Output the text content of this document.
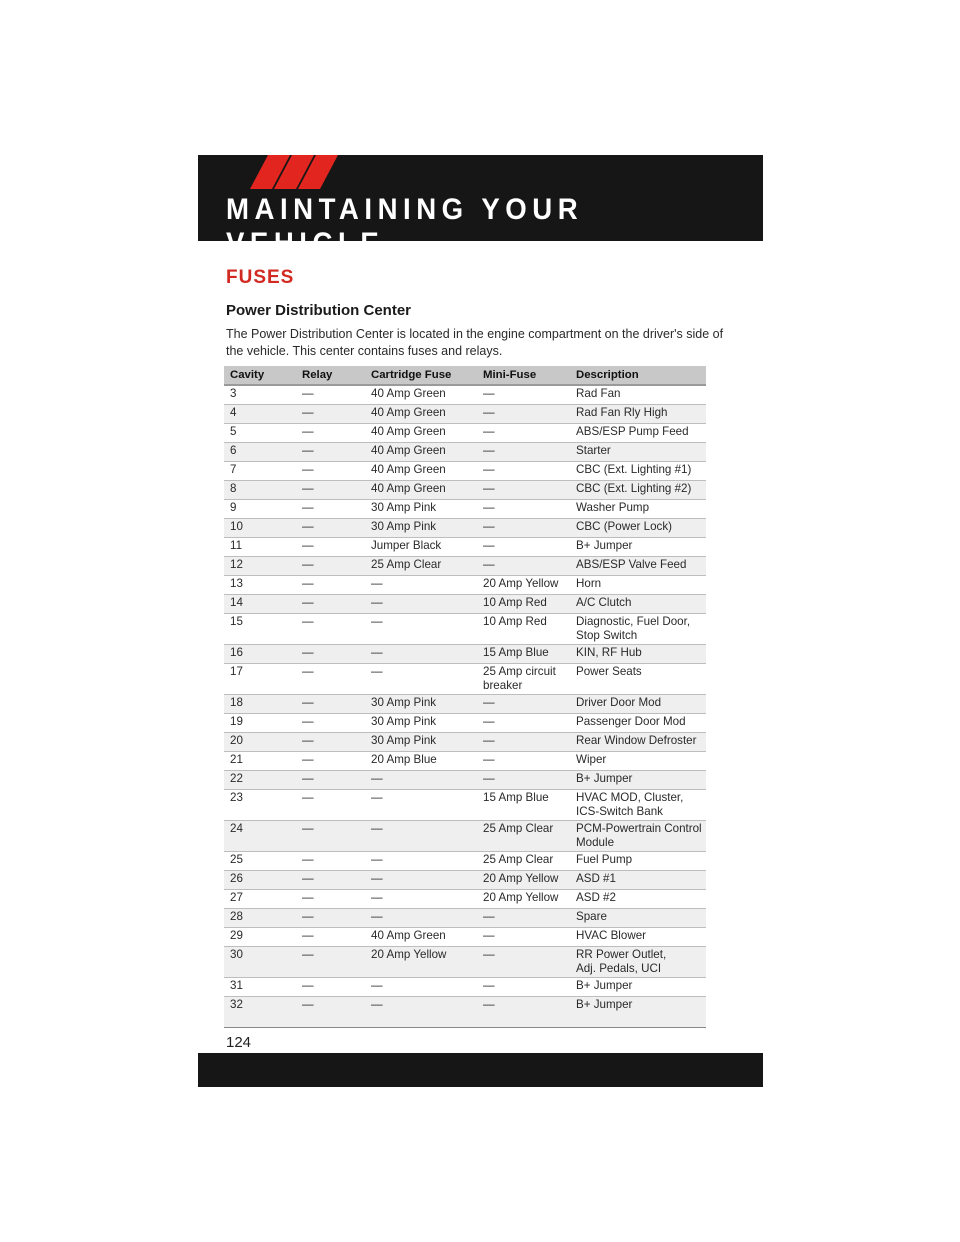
MAINTAINING YOUR VEHICLE
FUSES
Power Distribution Center
The Power Distribution Center is located in the engine compartment on the driver's side of the vehicle. This center contains fuses and relays.
Cavity	Relay	Cartridge Fuse	Mini-Fuse	Description
3	—	40 Amp Green	—	Rad Fan
4	—	40 Amp Green	—	Rad Fan Rly High
5	—	40 Amp Green	—	ABS/ESP Pump Feed
6	—	40 Amp Green	—	Starter
7	—	40 Amp Green	—	CBC (Ext. Lighting #1)
8	—	40 Amp Green	—	CBC (Ext. Lighting #2)
9	—	30 Amp Pink	—	Washer Pump
10	—	30 Amp Pink	—	CBC (Power Lock)
11	—	Jumper Black	—	B+ Jumper
12	—	25 Amp Clear	—	ABS/ESP Valve Feed
13	—	—	20 Amp Yellow	Horn
14	—	—	10 Amp Red	A/C Clutch
15	—	—	10 Amp Red	Diagnostic, Fuel Door,
Stop Switch
16	—	—	15 Amp Blue	KIN, RF Hub
17	—	—	25 Amp circuit
breaker	Power Seats
18	—	30 Amp Pink	—	Driver Door Mod
19	—	30 Amp Pink	—	Passenger Door Mod
20	—	30 Amp Pink	—	Rear Window Defroster
21	—	20 Amp Blue	—	Wiper
22	—	—	—	B+ Jumper
23	—	—	15 Amp Blue	HVAC MOD, Cluster,
ICS-Switch Bank
24	—	—	25 Amp Clear	PCM-Powertrain Control
Module
25	—	—	25 Amp Clear	Fuel Pump
26	—	—	20 Amp Yellow	ASD #1
27	—	—	20 Amp Yellow	ASD #2
28	—	—	—	Spare
29	—	40 Amp Green	—	HVAC Blower
30	—	20 Amp Yellow	—	RR Power Outlet,
Adj. Pedals, UCI
31	—	—	—	B+ Jumper
32	—	—	—	B+ Jumper
124
